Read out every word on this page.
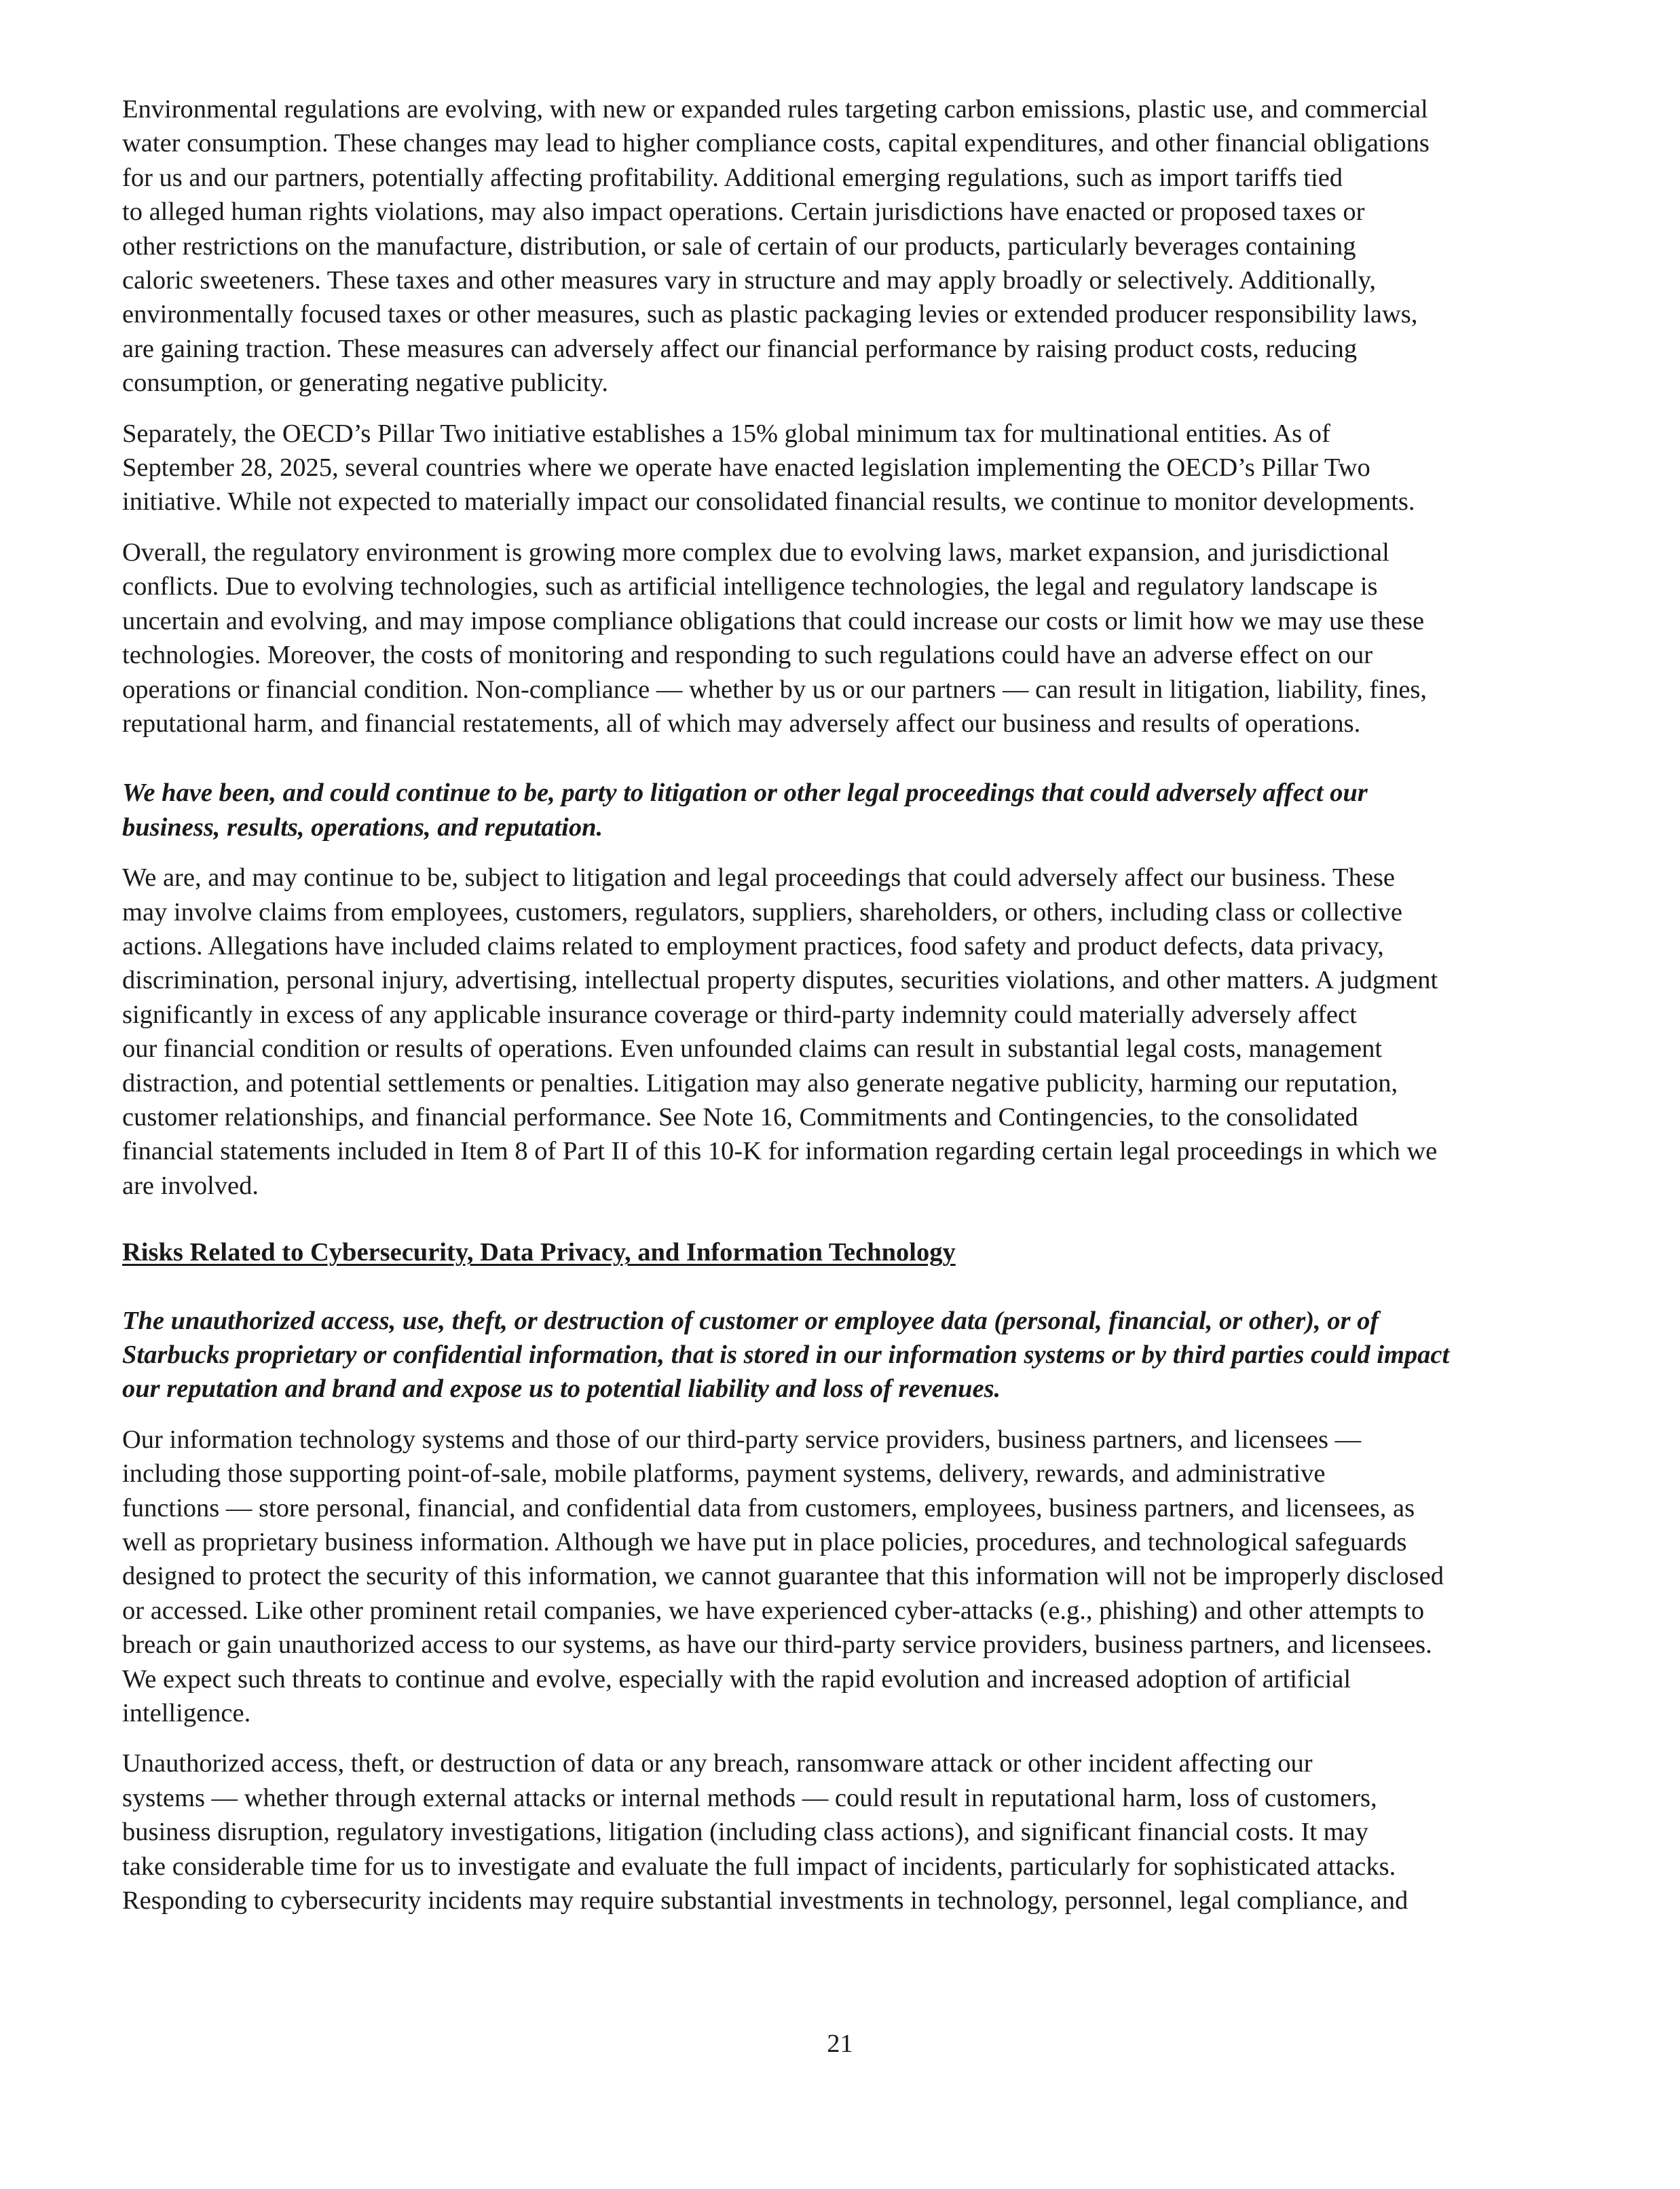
Environmental regulations are evolving, with new or expanded rules targeting carbon emissions, plastic use, and commercial
water consumption. These changes may lead to higher compliance costs, capital expenditures, and other financial obligations
for us and our partners, potentially affecting profitability. Additional emerging regulations, such as import tariffs tied
to alleged human rights violations, may also impact operations. Certain jurisdictions have enacted or proposed taxes or
other restrictions on the manufacture, distribution, or sale of certain of our products, particularly beverages containing
caloric sweeteners. These taxes and other measures vary in structure and may apply broadly or selectively. Additionally,
environmentally focused taxes or other measures, such as plastic packaging levies or extended producer responsibility laws,
are gaining traction. These measures can adversely affect our financial performance by raising product costs, reducing
consumption, or generating negative publicity.
Separately, the OECD’s Pillar Two initiative establishes a 15% global minimum tax for multinational entities. As of
September 28, 2025, several countries where we operate have enacted legislation implementing the OECD’s Pillar Two
initiative. While not expected to materially impact our consolidated financial results, we continue to monitor developments.
Overall, the regulatory environment is growing more complex due to evolving laws, market expansion, and jurisdictional
conflicts. Due to evolving technologies, such as artificial intelligence technologies, the legal and regulatory landscape is
uncertain and evolving, and may impose compliance obligations that could increase our costs or limit how we may use these
technologies. Moreover, the costs of monitoring and responding to such regulations could have an adverse effect on our
operations or financial condition. Non-compliance — whether by us or our partners — can result in litigation, liability, fines,
reputational harm, and financial restatements, all of which may adversely affect our business and results of operations.
We have been, and could continue to be, party to litigation or other legal proceedings that could adversely affect our
business, results, operations, and reputation.
We are, and may continue to be, subject to litigation and legal proceedings that could adversely affect our business. These
may involve claims from employees, customers, regulators, suppliers, shareholders, or others, including class or collective
actions. Allegations have included claims related to employment practices, food safety and product defects, data privacy,
discrimination, personal injury, advertising, intellectual property disputes, securities violations, and other matters. A judgment
significantly in excess of any applicable insurance coverage or third-party indemnity could materially adversely affect
our financial condition or results of operations. Even unfounded claims can result in substantial legal costs, management
distraction, and potential settlements or penalties. Litigation may also generate negative publicity, harming our reputation,
customer relationships, and financial performance. See Note 16, Commitments and Contingencies, to the consolidated
financial statements included in Item 8 of Part II of this 10-K for information regarding certain legal proceedings in which we
are involved.
Risks Related to Cybersecurity, Data Privacy, and Information Technology
The unauthorized access, use, theft, or destruction of customer or employee data (personal, financial, or other), or of
Starbucks proprietary or confidential information, that is stored in our information systems or by third parties could impact
our reputation and brand and expose us to potential liability and loss of revenues.
Our information technology systems and those of our third-party service providers, business partners, and licensees —
including those supporting point-of-sale, mobile platforms, payment systems, delivery, rewards, and administrative
functions — store personal, financial, and confidential data from customers, employees, business partners, and licensees, as
well as proprietary business information. Although we have put in place policies, procedures, and technological safeguards
designed to protect the security of this information, we cannot guarantee that this information will not be improperly disclosed
or accessed. Like other prominent retail companies, we have experienced cyber-attacks (e.g., phishing) and other attempts to
breach or gain unauthorized access to our systems, as have our third-party service providers, business partners, and licensees.
We expect such threats to continue and evolve, especially with the rapid evolution and increased adoption of artificial
intelligence.
Unauthorized access, theft, or destruction of data or any breach, ransomware attack or other incident affecting our
systems — whether through external attacks or internal methods — could result in reputational harm, loss of customers,
business disruption, regulatory investigations, litigation (including class actions), and significant financial costs. It may
take considerable time for us to investigate and evaluate the full impact of incidents, particularly for sophisticated attacks.
Responding to cybersecurity incidents may require substantial investments in technology, personnel, legal compliance, and
21
